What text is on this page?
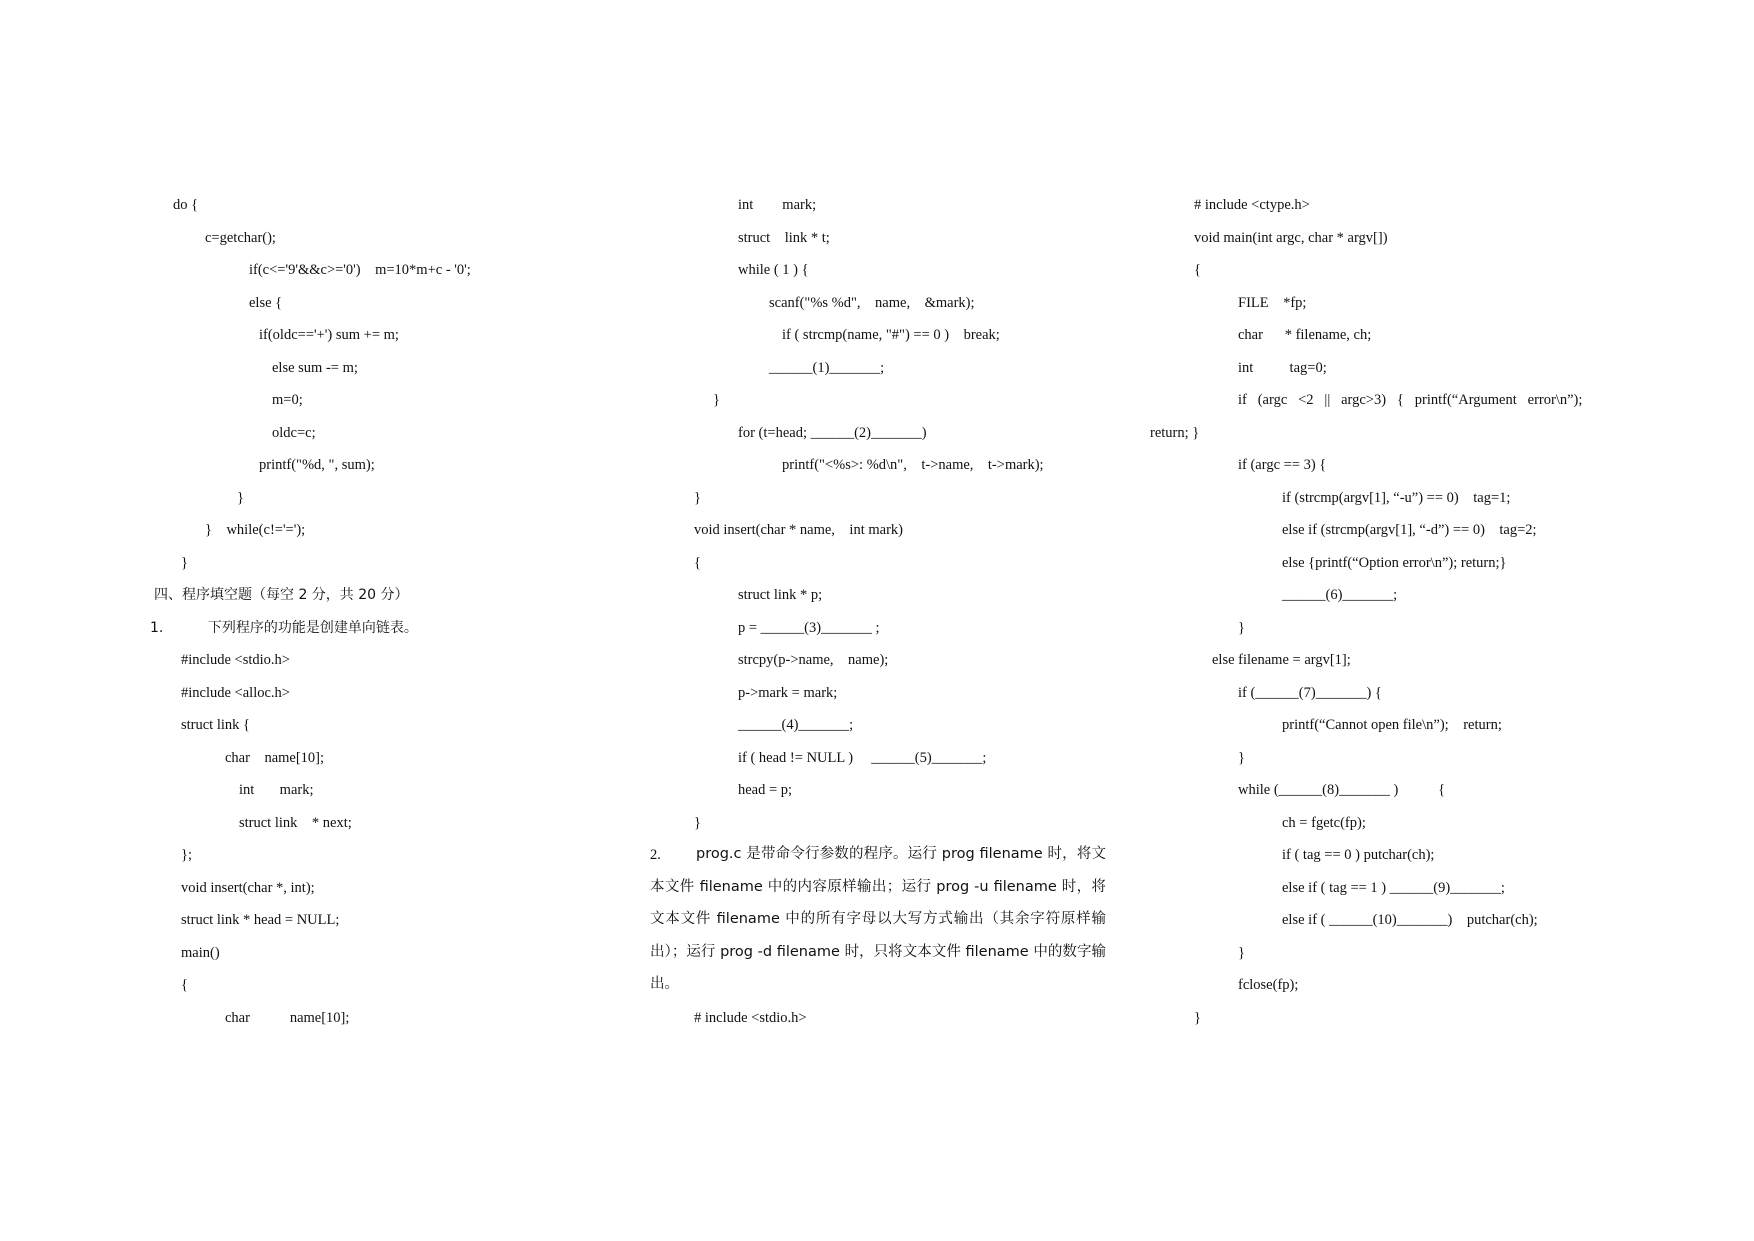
do {
c=getchar();
if(c<='9'&&c>='0')    m=10*m+c - '0';
else {
if(oldc=='+') sum += m;
else sum -= m;
m=0;
oldc=c;
printf("%d, ", sum);
}
}    while(c!='=');
}
四、程序填空题（每空 2 分，共 20 分）
1.          下列程序的功能是创建单向链表。
#include <stdio.h>
#include <alloc.h>
struct link {
char    name[10];
int       mark;
struct link    * next;
};
void insert(char *, int);
struct link * head = NULL;
main()
{
char           name[10];
int        mark;
struct    link * t;
while ( 1 ) {
scanf("%s %d",    name,    &mark);
if ( strcmp(name, "#") == 0 )    break;
______(1)_______;
}
for (t=head; ______(2)_______)
printf("<%s>: %d\n",    t->name,    t->mark);
}
void insert(char * name,    int mark)
{
struct link * p;
p = ______(3)_______ ;
strcpy(p->name,    name);
p->mark = mark;
______(4)_______;
if ( head != NULL )     ______(5)_______;
head = p;
}
2.	prog.c 是带命令行参数的程序。运行 prog filename 时，将文本文件 filename 中的内容原样输出；运行 prog -u filename 时，将文本文件 filename 中的所有字母以大写方式输出（其余字符原样输出）；运行 prog -d filename 时，只将文本文件 filename 中的数字输出。
# include <stdio.h>
# include <ctype.h>
void main(int argc, char * argv[])
{
FILE    *fp;
char      * filename, ch;
int          tag=0;
if   (argc   <2   ||   argc>3)   {   printf(“Argument   error\n”);
return; }
if (argc == 3) {
if (strcmp(argv[1], “-u”) == 0)    tag=1;
else if (strcmp(argv[1], “-d”) == 0)    tag=2;
else {printf(“Option error\n”); return;}
______(6)_______;
}
else filename = argv[1];
if (______(7)_______) {
printf(“Cannot open file\n”);    return;
}
while (______(8)_______ )           {
ch = fgetc(fp);
if ( tag == 0 ) putchar(ch);
else if ( tag == 1 ) ______(9)_______;
else if ( ______(10)_______)    putchar(ch);
}
fclose(fp);
}
